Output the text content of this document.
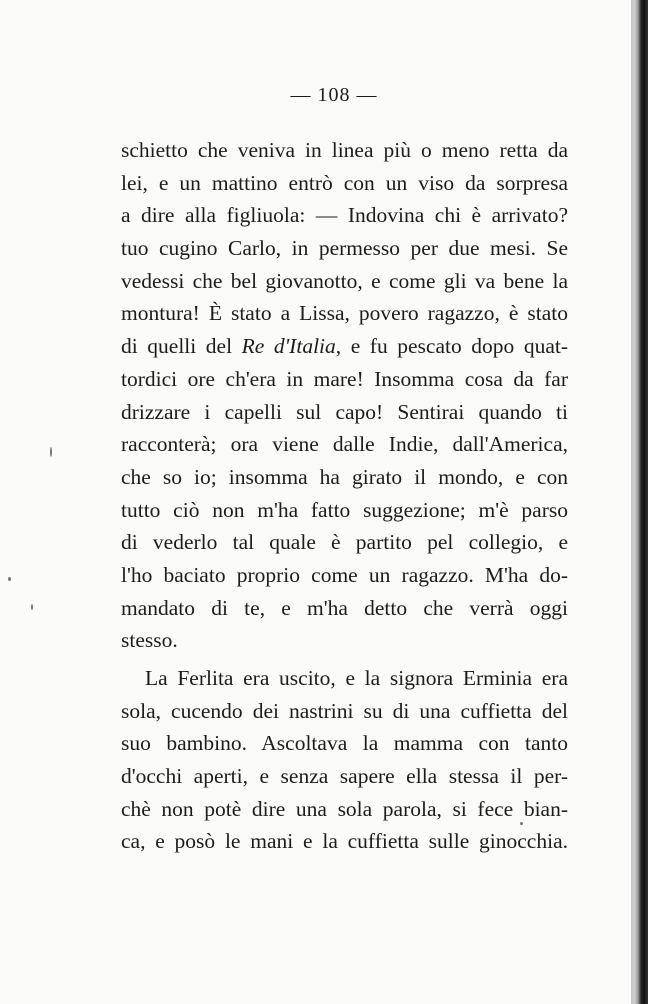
— 108 —
schietto che veniva in linea più o meno retta da
lei, e un mattino entrò con un viso da sorpresa
a dire alla figliuola: — Indovina chi è arrivato?
tuo cugino Carlo, in permesso per due mesi. Se
vedessi che bel giovanotto, e come gli va bene la
montura! È stato a Lissa, povero ragazzo, è stato
di quelli del Re d'Italia, e fu pescato dopo quat-
tordici ore ch'era in mare! Insomma cosa da far
drizzare i capelli sul capo! Sentirai quando ti
racconterà; ora viene dalle Indie, dall'America,
che so io; insomma ha girato il mondo, e con
tutto ciò non m'ha fatto suggezione; m'è parso
di vederlo tal quale è partito pel collegio, e
l'ho baciato proprio come un ragazzo. M'ha do-
mandato di te, e m'ha detto che verrà oggi
stesso.
La Ferlita era uscito, e la signora Erminia era
sola, cucendo dei nastrini su di una cuffietta del
suo bambino. Ascoltava la mamma con tanto
d'occhi aperti, e senza sapere ella stessa il per-
chè non potè dire una sola parola, si fece bian-
ca, e posò le mani e la cuffietta sulle ginocchia.
